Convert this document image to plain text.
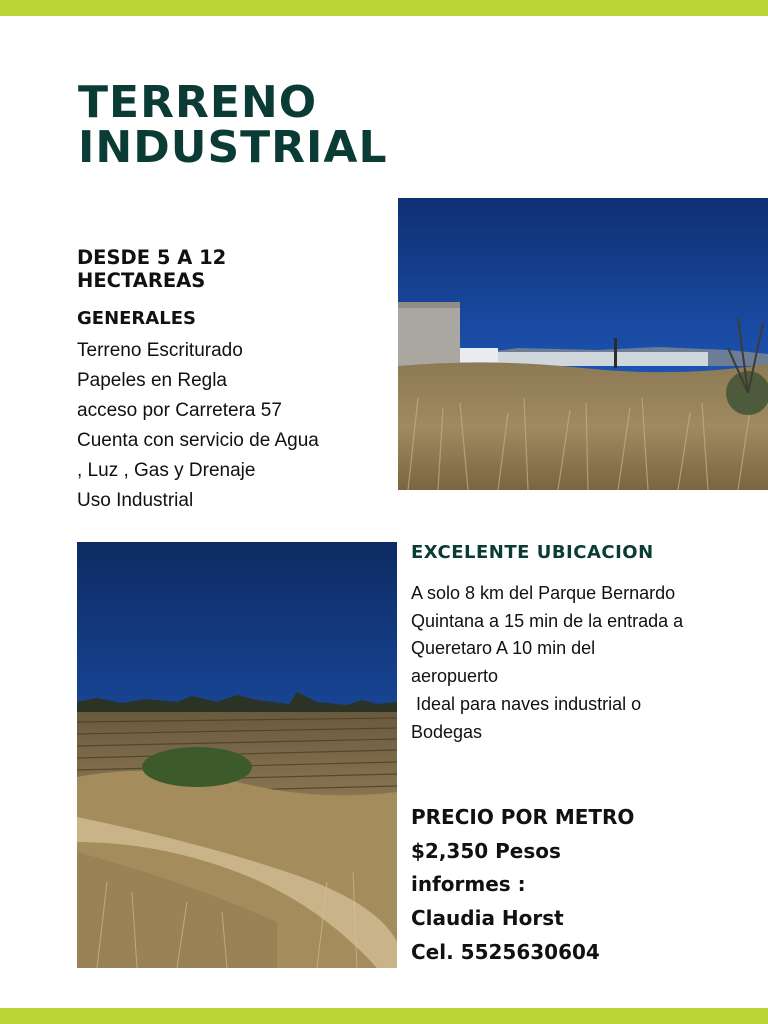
TERRENO
INDUSTRIAL
DESDE 5 A 12
HECTAREAS
GENERALES
Terreno Escriturado
Papeles en Regla
acceso por Carretera 57
Cuenta con servicio de Agua
, Luz , Gas y Drenaje
Uso Industrial
EXCELENTE UBICACION
A solo 8 km del Parque Bernardo
Quintana a 15 min de la entrada a
Queretaro A 10 min del
aeropuerto
Ideal para naves industrial o
Bodegas
PRECIO POR METRO
$2,350 Pesos
informes :
Claudia Horst
Cel. 5525630604
